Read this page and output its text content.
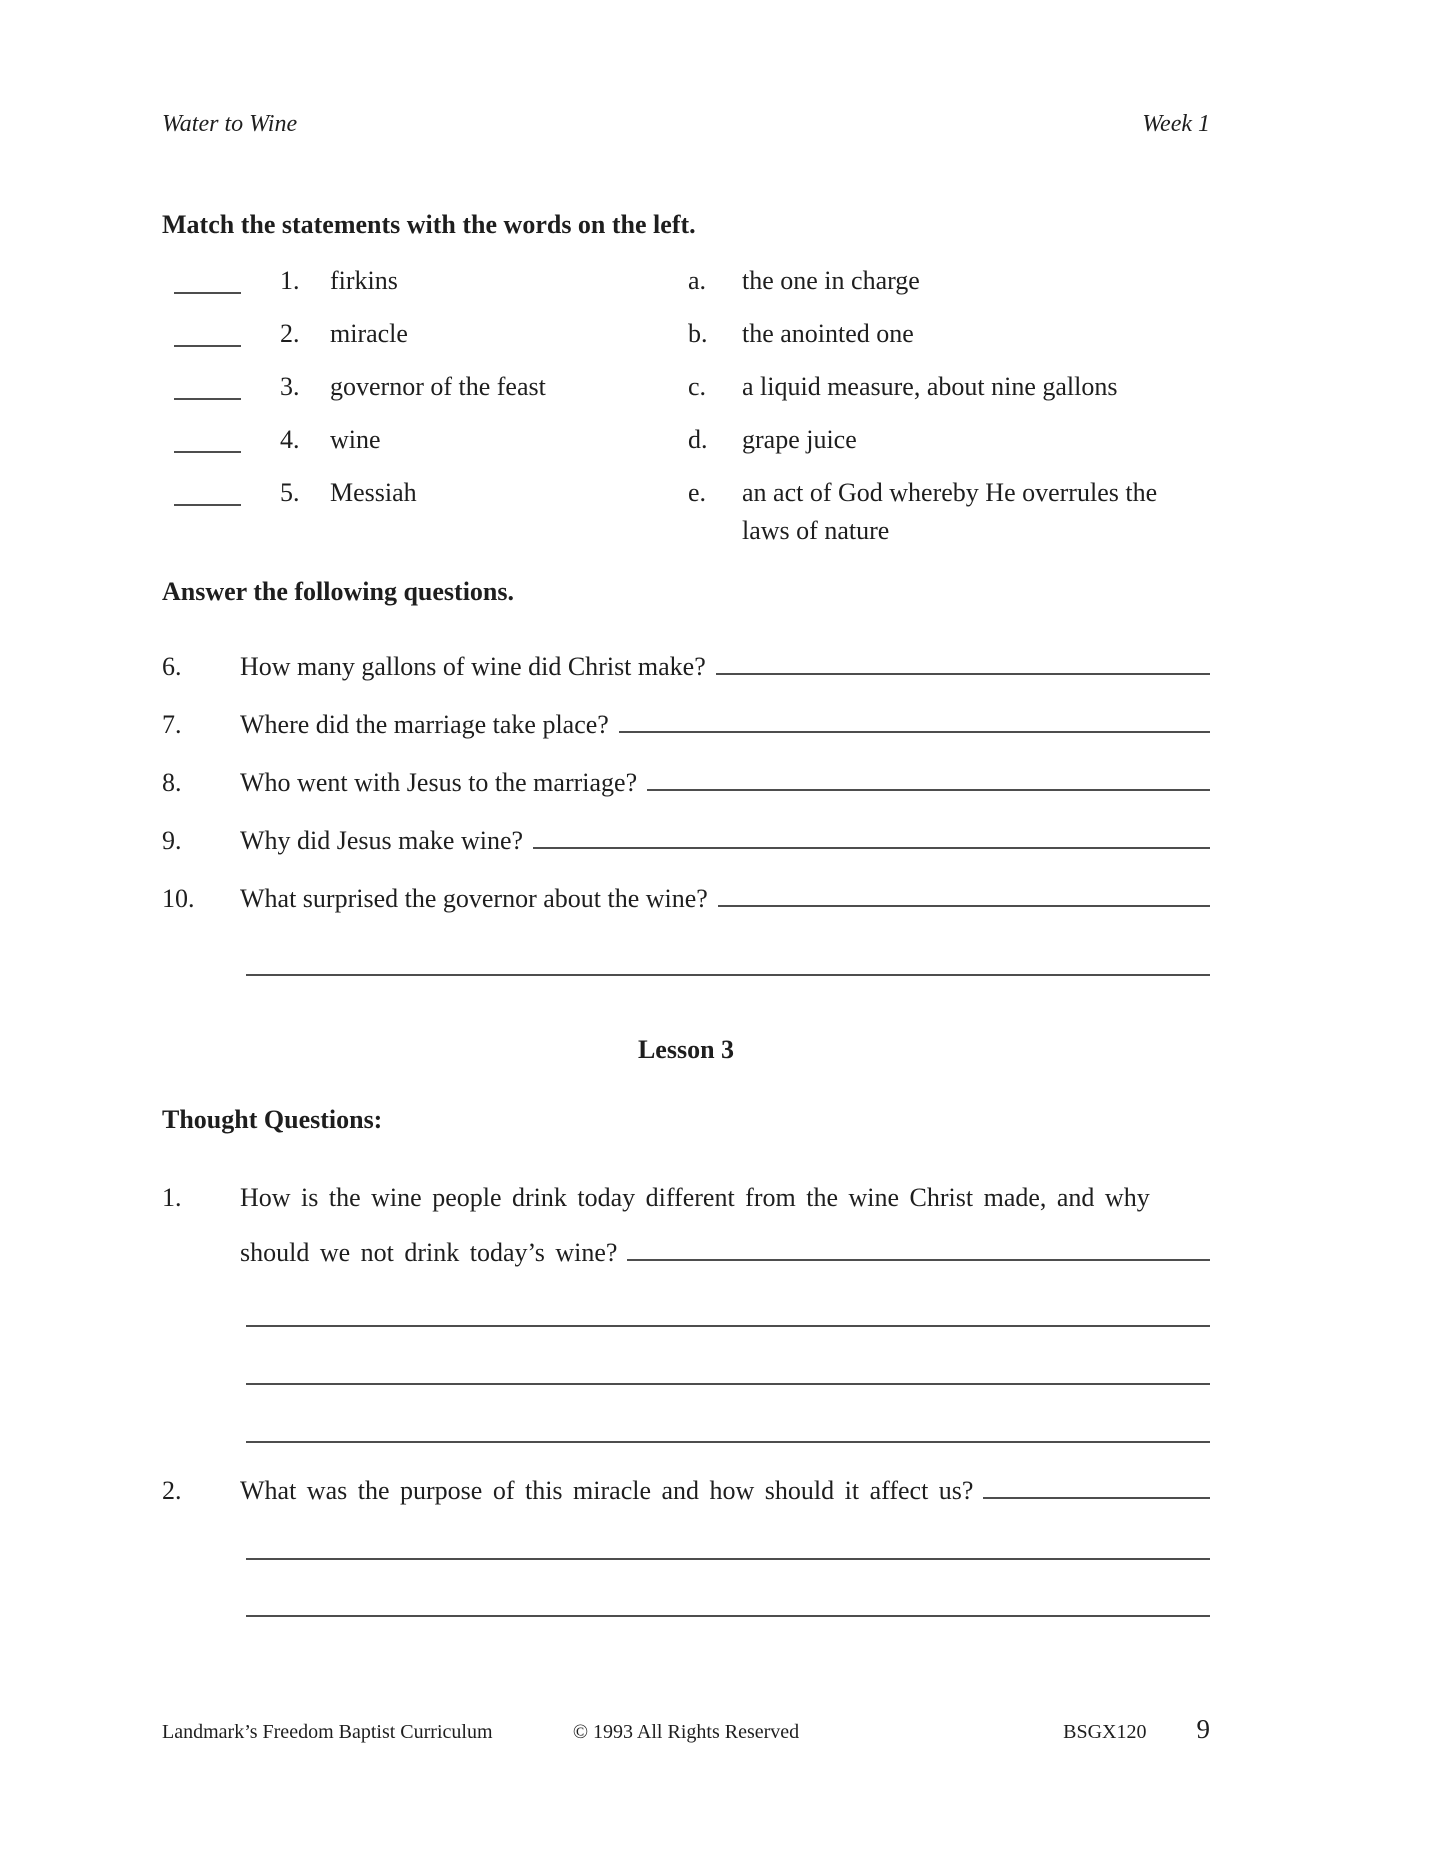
Water to Wine	Week 1
Match the statements with the words on the left.
1.	firkins	a.	the one in charge
2.	miracle	b.	the anointed one
3.	governor of the feast	c.	a liquid measure, about nine gallons
4.	wine	d.	grape juice
5.	Messiah	e.	an act of God whereby He overrules the laws of nature
Answer the following questions.
6.	How many gallons of wine did Christ make?
7.	Where did the marriage take place?
8.	Who went with Jesus to the marriage?
9.	Why did Jesus make wine?
10.	What surprised the governor about the wine?
Lesson 3
Thought Questions:
1.	How is the wine people drink today different from the wine Christ made, and why
should we not drink today’s wine?
2.	What was the purpose of this miracle and how should it affect us?
Landmark’s Freedom Baptist Curriculum	© 1993 All Rights Reserved	BSGX120 9
